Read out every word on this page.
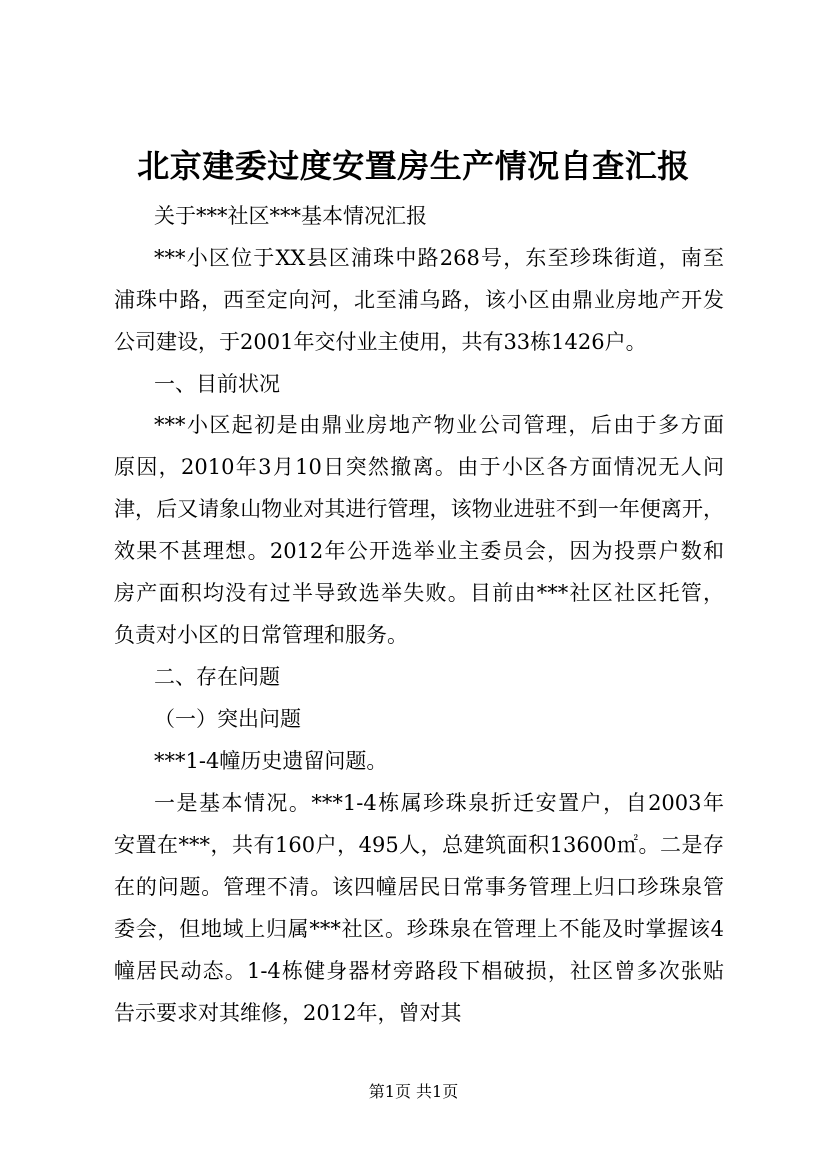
北京建委过度安置房生产情况自查汇报
关于***社区***基本情况汇报
***小区位于XX县区浦珠中路268号，东至珍珠街道，南至
浦珠中路，西至定向河，北至浦乌路，该小区由鼎业房地产开发
公司建设，于2001年交付业主使用，共有33栋1426户。
一、目前状况
***小区起初是由鼎业房地产物业公司管理，后由于多方面
原因，2010年3月10日突然撤离。由于小区各方面情况无人问
津，后又请象山物业对其进行管理，该物业进驻不到一年便离开，
效果不甚理想。2012年公开选举业主委员会，因为投票户数和
房产面积均没有过半导致选举失败。目前由***社区社区托管，
负责对小区的日常管理和服务。
二、存在问题
（一）突出问题
***1-4幢历史遗留问题。
一是基本情况。***1-4栋属珍珠泉折迁安置户，自2003年
安置在***，共有160户，495人，总建筑面积13600㎡。二是存
在的问题。管理不清。该四幢居民日常事务管理上归口珍珠泉管
委会，但地域上归属***社区。珍珠泉在管理上不能及时掌握该4
幢居民动态。1-4栋健身器材旁路段下椙破损，社区曾多次张贴
告示要求对其维修，2012年，曾对其
第1页 共1页
